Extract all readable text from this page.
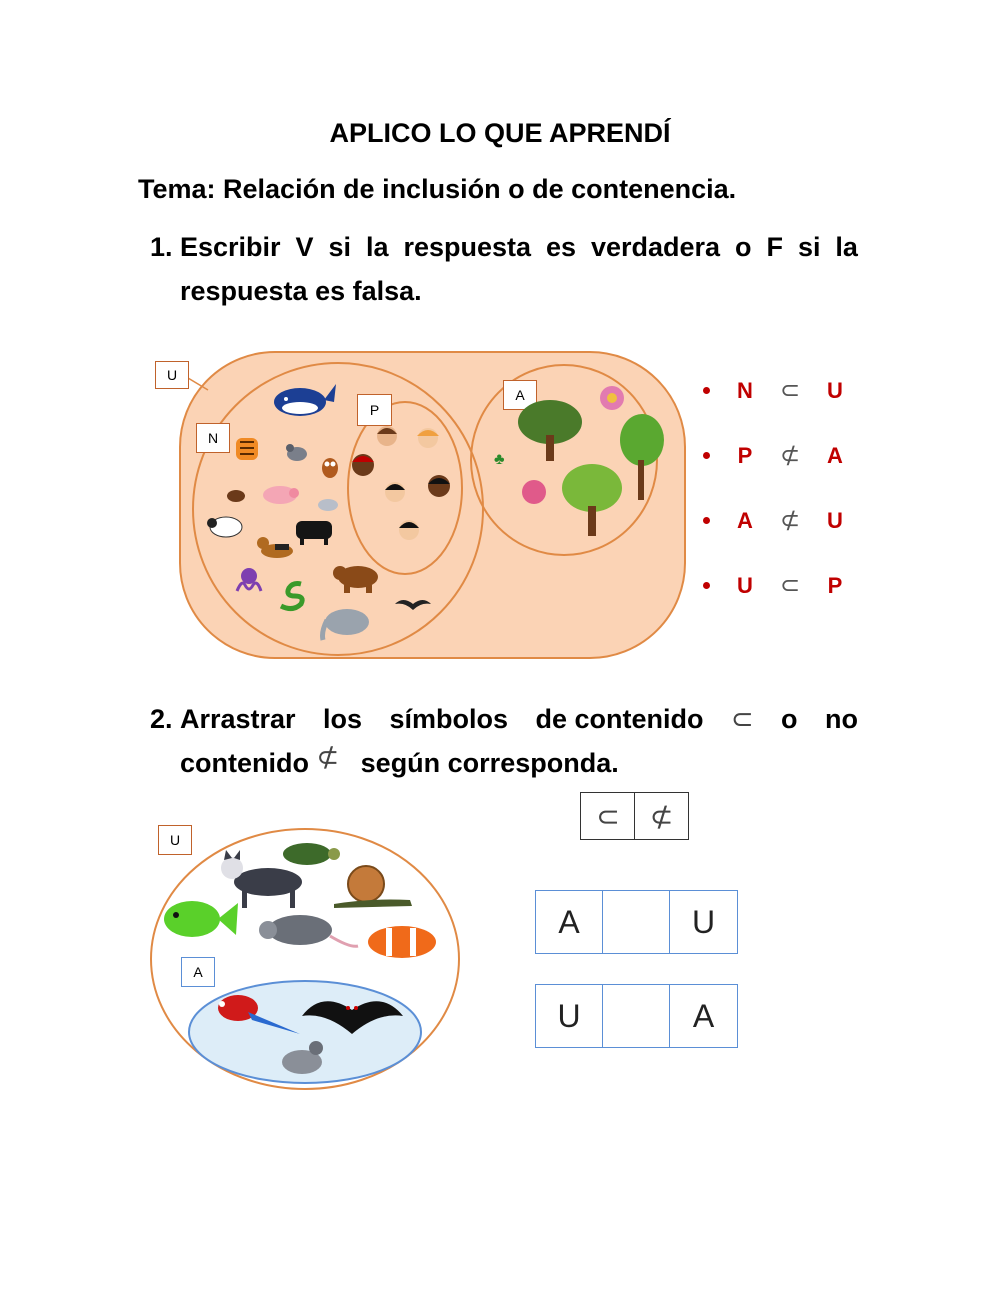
APLICO LO QUE APRENDÍ
Tema: Relación de inclusión o de contenencia.
1. Escribir V si la respuesta es verdadera o F si la
respuesta es falsa.
U
N
P
A
♣
N	⊂	U
P	⊄	A
A	⊄	U
U	⊂	P
2. Arrastrar los símbolos de contenido ⊂ o no
contenido ⊄ según corresponda.
⊂	⊄
U
A
A	U
U	A
